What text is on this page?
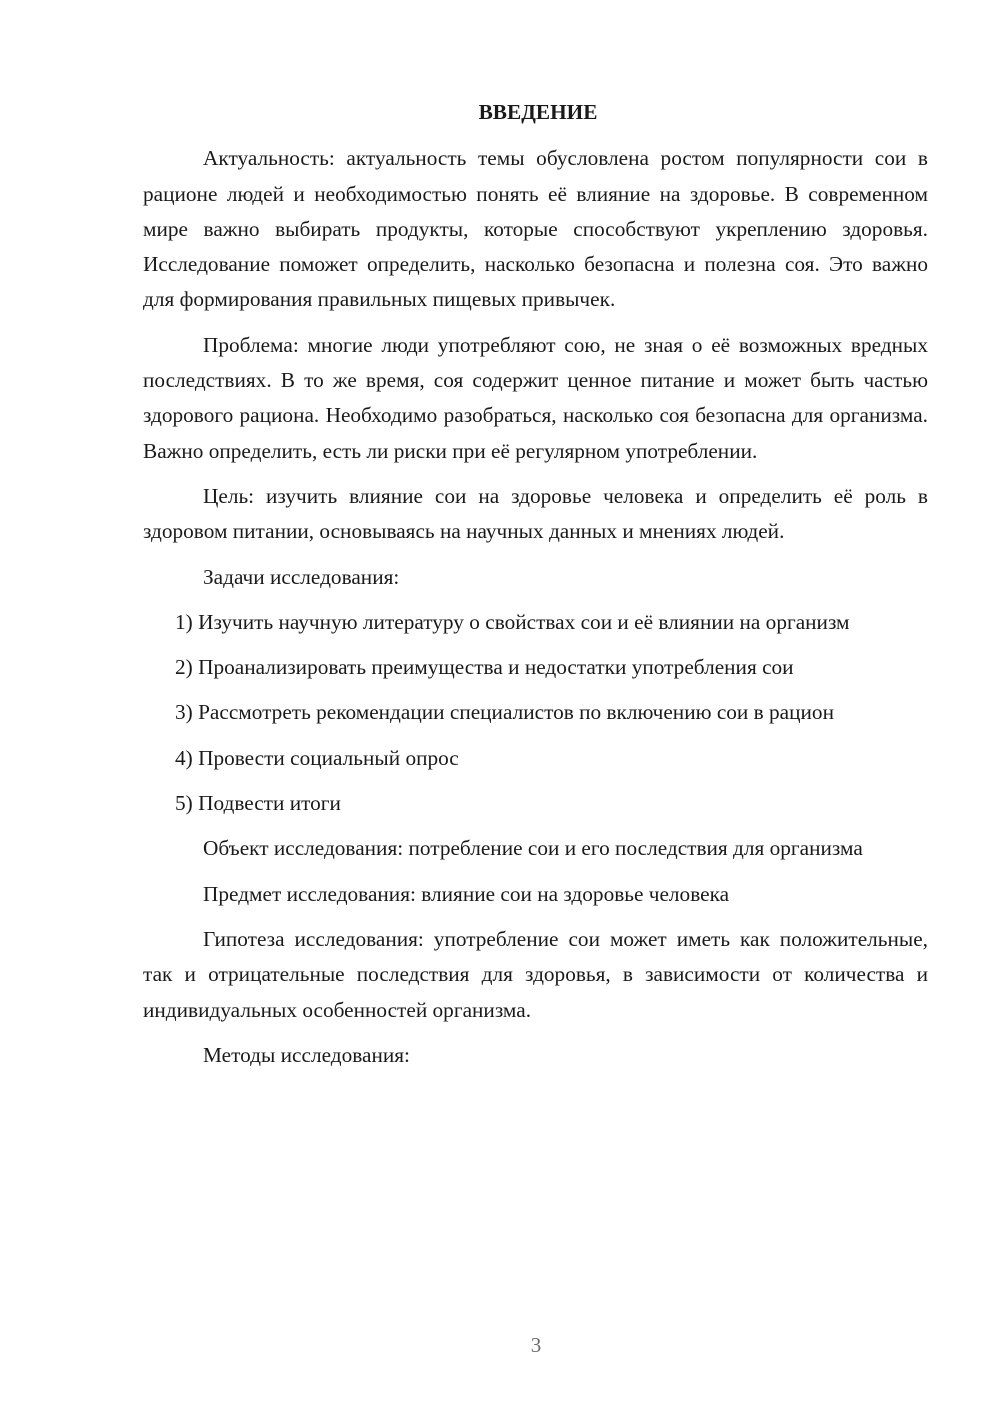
ВВЕДЕНИЕ

Актуальность: актуальность темы обусловлена ростом популярности сои в рационе людей и необходимостью понять её влияние на здоровье. В современном мире важно выбирать продукты, которые способствуют укреплению здоровья. Исследование поможет определить, насколько безопасна и полезна соя. Это важно для формирования правильных пищевых привычек.

Проблема: многие люди употребляют сою, не зная о её возможных вредных последствиях. В то же время, соя содержит ценное питание и может быть частью здорового рациона. Необходимо разобраться, насколько соя безопасна для организма. Важно определить, есть ли риски при её регулярном употреблении.

Цель: изучить влияние сои на здоровье человека и определить её роль в здоровом питании, основываясь на научных данных и мнениях людей.

Задачи исследования:

1) Изучить научную литературу о свойствах сои и её влиянии на организм

2) Проанализировать преимущества и недостатки употребления сои

3) Рассмотреть рекомендации специалистов по включению сои в рацион

4) Провести социальный опрос

5) Подвести итоги

Объект исследования: потребление сои и его последствия для организма

Предмет исследования: влияние сои на здоровье человека

Гипотеза исследования: употребление сои может иметь как положительные, так и отрицательные последствия для здоровья, в зависимости от количества и индивидуальных особенностей организма.

Методы исследования:

3
